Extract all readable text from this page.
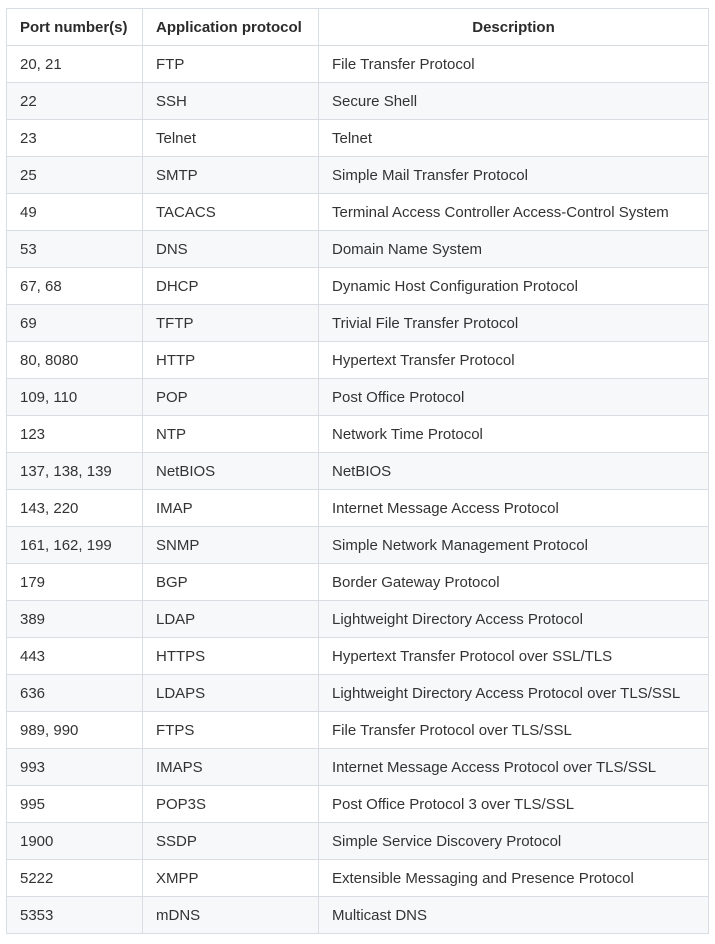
Port number(s)	Application protocol	Description
20, 21	FTP	File Transfer Protocol
22	SSH	Secure Shell
23	Telnet	Telnet
25	SMTP	Simple Mail Transfer Protocol
49	TACACS	Terminal Access Controller Access-Control System
53	DNS	Domain Name System
67, 68	DHCP	Dynamic Host Configuration Protocol
69	TFTP	Trivial File Transfer Protocol
80, 8080	HTTP	Hypertext Transfer Protocol
109, 110	POP	Post Office Protocol
123	NTP	Network Time Protocol
137, 138, 139	NetBIOS	NetBIOS
143, 220	IMAP	Internet Message Access Protocol
161, 162, 199	SNMP	Simple Network Management Protocol
179	BGP	Border Gateway Protocol
389	LDAP	Lightweight Directory Access Protocol
443	HTTPS	Hypertext Transfer Protocol over SSL/TLS
636	LDAPS	Lightweight Directory Access Protocol over TLS/SSL
989, 990	FTPS	File Transfer Protocol over TLS/SSL
993	IMAPS	Internet Message Access Protocol over TLS/SSL
995	POP3S	Post Office Protocol 3 over TLS/SSL
1900	SSDP	Simple Service Discovery Protocol
5222	XMPP	Extensible Messaging and Presence Protocol
5353	mDNS	Multicast DNS
